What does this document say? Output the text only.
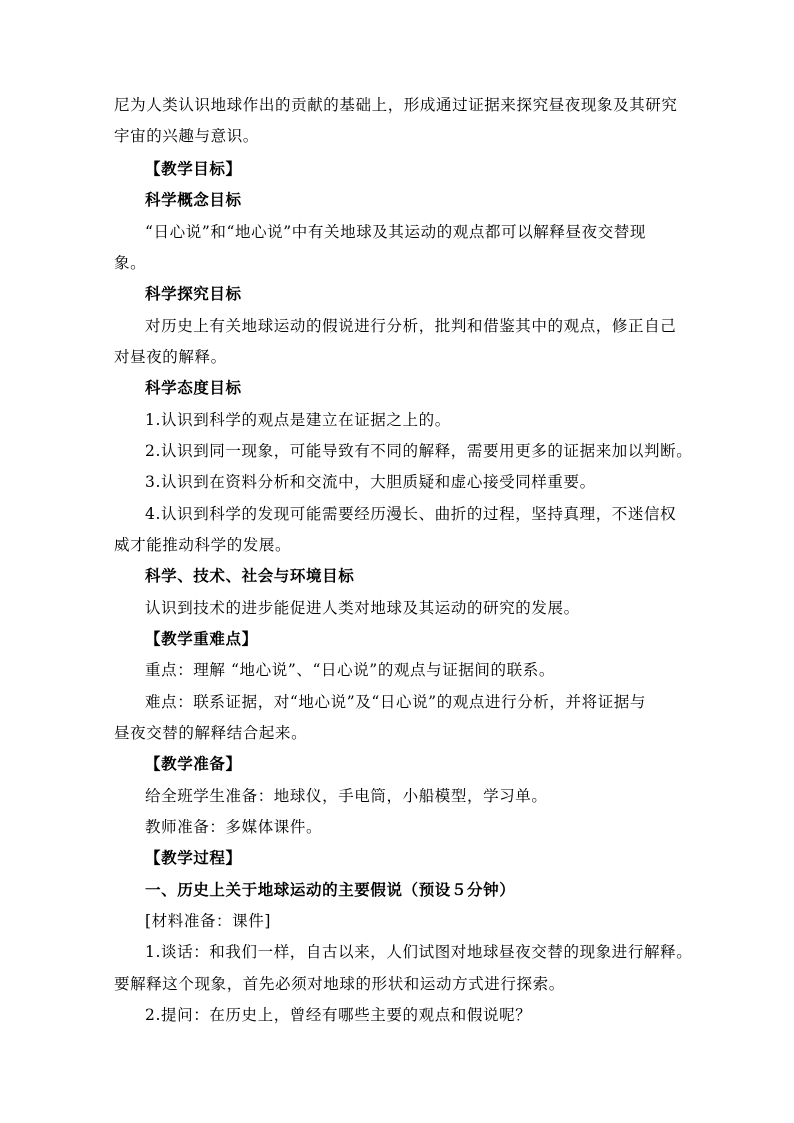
尼为人类认识地球作出的贡献的基础上，形成通过证据来探究昼夜现象及其研究
宇宙的兴趣与意识。
【教学目标】
科学概念目标
“日心说”和“地心说”中有关地球及其运动的观点都可以解释昼夜交替现
象。
科学探究目标
对历史上有关地球运动的假说进行分析，批判和借鉴其中的观点，修正自己
对昼夜的解释。
科学态度目标
1.认识到科学的观点是建立在证据之上的。
2.认识到同一现象，可能导致有不同的解释，需要用更多的证据来加以判断。
3.认识到在资料分析和交流中，大胆质疑和虚心接受同样重要。
4.认识到科学的发现可能需要经历漫长、曲折的过程，坚持真理，不迷信权
威才能推动科学的发展。
科学、技术、社会与环境目标
认识到技术的进步能促进人类对地球及其运动的研究的发展。
【教学重难点】
重点：理解 “地心说”、“日心说”的观点与证据间的联系。
难点：联系证据，对“地心说”及“日心说”的观点进行分析，并将证据与
昼夜交替的解释结合起来。
【教学准备】
给全班学生准备：地球仪，手电筒，小船模型，学习单。
教师准备：多媒体课件。
【教学过程】
一、历史上关于地球运动的主要假说（预设５分钟）
[材料准备：课件]
1.谈话：和我们一样，自古以来，人们试图对地球昼夜交替的现象进行解释。
要解释这个现象，首先必须对地球的形状和运动方式进行探索。
2.提问：在历史上，曾经有哪些主要的观点和假说呢？
